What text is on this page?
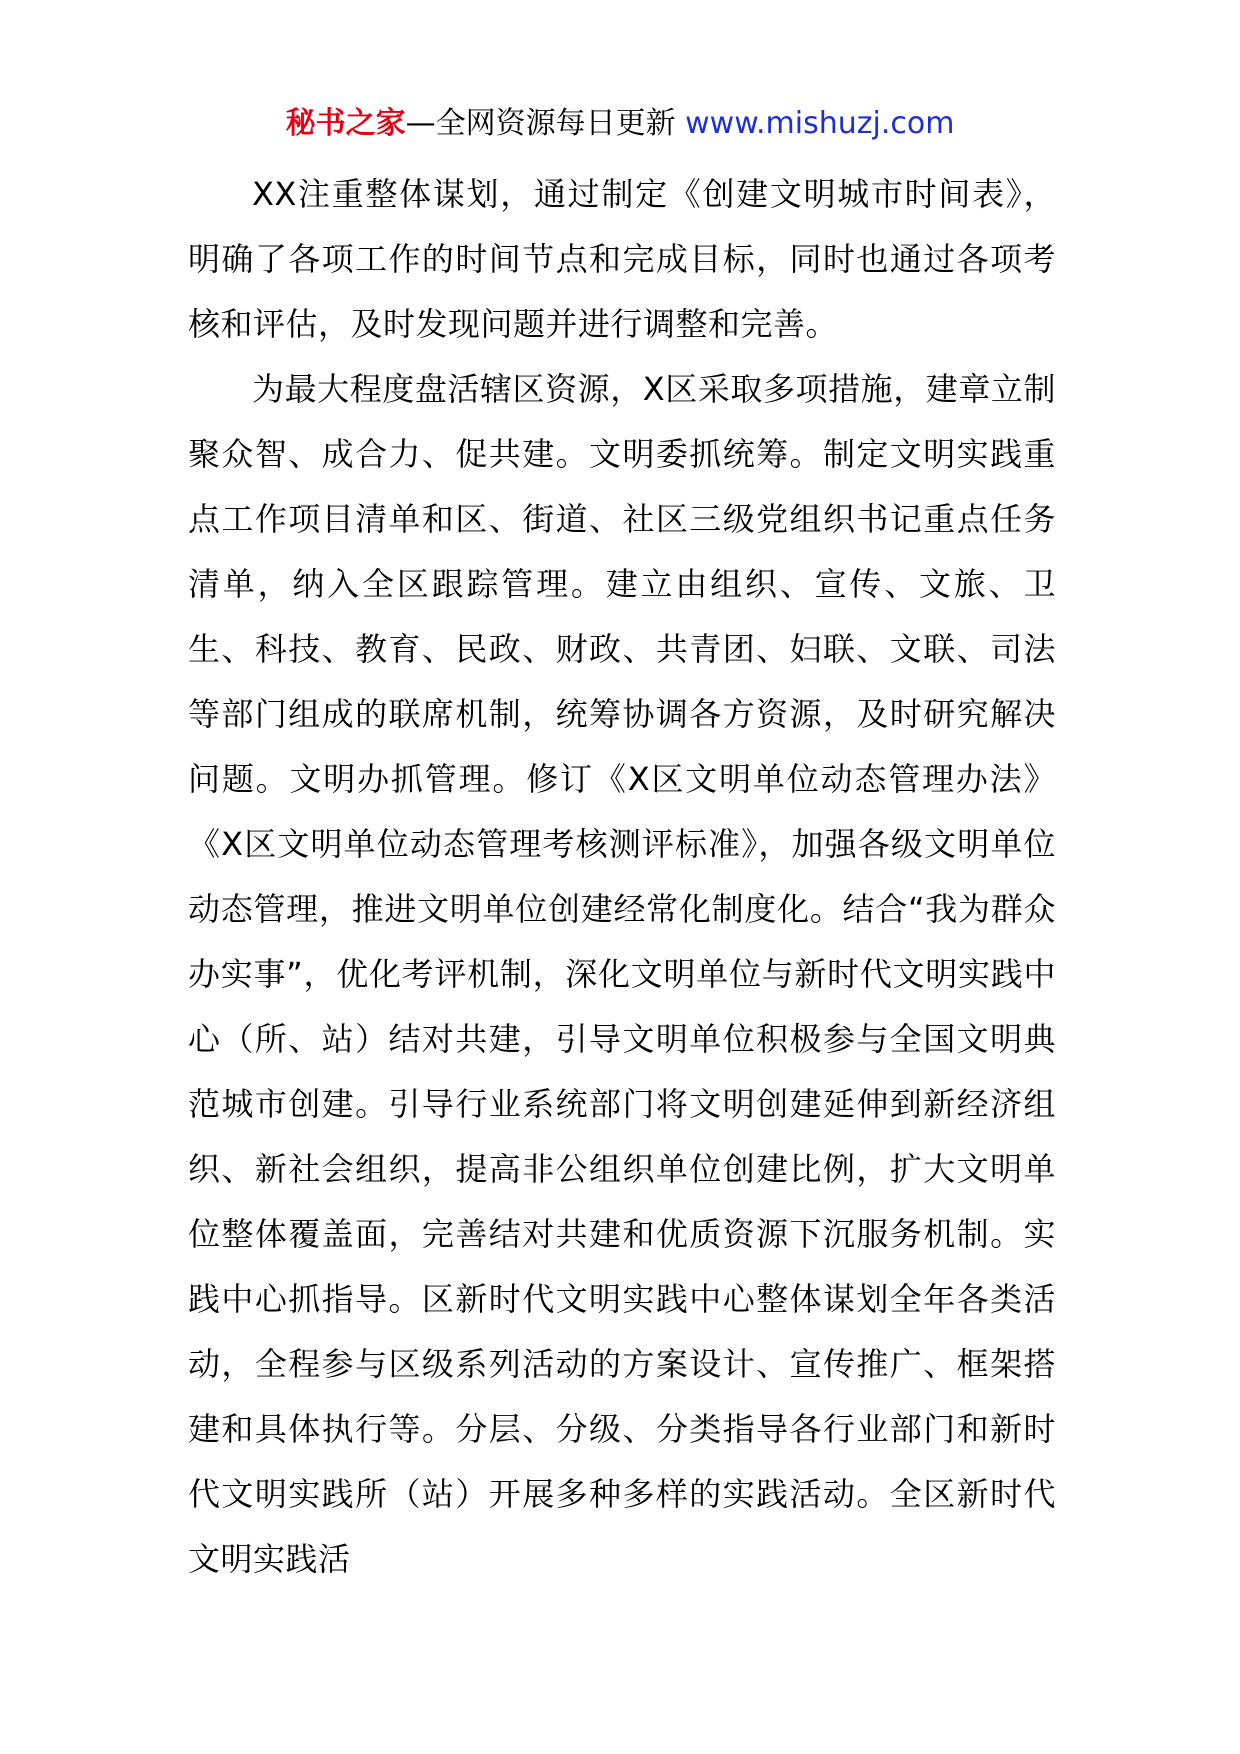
秘书之家—全网资源每日更新 www.mishuzj.com

XX注重整体谋划，通过制定《创建文明城市时间表》，明确了各项工作的时间节点和完成目标，同时也通过各项考核和评估，及时发现问题并进行调整和完善。

为最大程度盘活辖区资源，X区采取多项措施，建章立制聚众智、成合力、促共建。文明委抓统筹。制定文明实践重点工作项目清单和区、街道、社区三级党组织书记重点任务清单，纳入全区跟踪管理。建立由组织、宣传、文旅、卫生、科技、教育、民政、财政、共青团、妇联、文联、司法等部门组成的联席机制，统筹协调各方资源，及时研究解决问题。文明办抓管理。修订《X区文明单位动态管理办法》《X区文明单位动态管理考核测评标准》，加强各级文明单位动态管理，推进文明单位创建经常化制度化。结合“我为群众办实事”，优化考评机制，深化文明单位与新时代文明实践中心（所、站）结对共建，引导文明单位积极参与全国文明典范城市创建。引导行业系统部门将文明创建延伸到新经济组织、新社会组织，提高非公组织单位创建比例，扩大文明单位整体覆盖面，完善结对共建和优质资源下沉服务机制。实践中心抓指导。区新时代文明实践中心整体谋划全年各类活动，全程参与区级系列活动的方案设计、宣传推广、框架搭建和具体执行等。分层、分级、分类指导各行业部门和新时代文明实践所（站）开展多种多样的实践活动。全区新时代文明实践活
